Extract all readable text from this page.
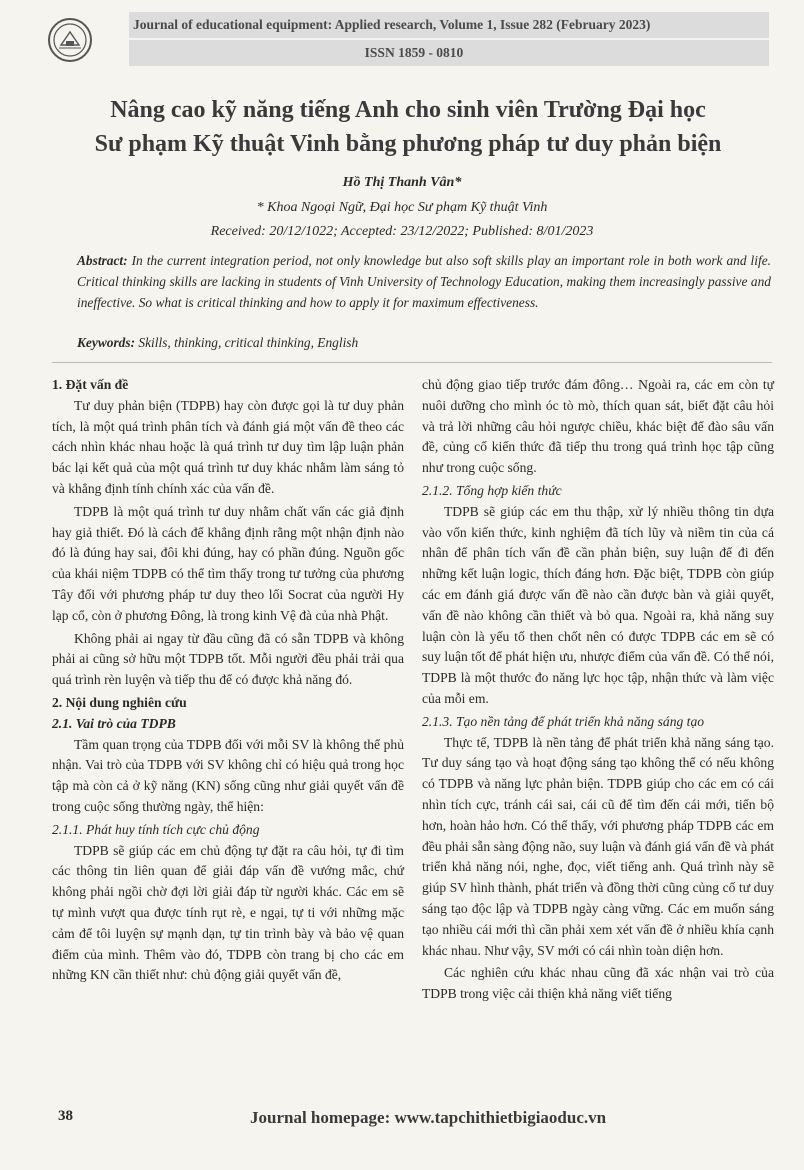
Journal of educational equipment: Applied research, Volume 1, Issue 282 (February 2023)
ISSN 1859 - 0810
Nâng cao kỹ năng tiếng Anh cho sinh viên Trường Đại học
Sư phạm Kỹ thuật Vinh bằng phương pháp tư duy phản biện
Hồ Thị Thanh Vân*
* Khoa Ngoại Ngữ, Đại học Sư phạm Kỹ thuật Vinh
Received: 20/12/1022; Accepted: 23/12/2022; Published: 8/01/2023
Abstract: In the current integration period, not only knowledge but also soft skills play an important role in both work and life. Critical thinking skills are lacking in students of Vinh University of Technology Education, making them increasingly passive and ineffective. So what is critical thinking and how to apply it for maximum effectiveness.
Keywords: Skills, thinking, critical thinking, English
1. Đặt vấn đề

Tư duy phản biện (TDPB) hay còn được gọi là tư duy phản tích, là một quá trình phân tích và đánh giá một vấn đề theo các cách nhìn khác nhau hoặc là quá trình tư duy tìm lập luận phản bác lại kết quả của một quá trình tư duy khác nhằm làm sáng tỏ và khẳng định tính chính xác của vấn đề.

TDPB là một quá trình tư duy nhằm chất vấn các giả định hay giả thiết. Đó là cách để khẳng định rằng một nhận định nào đó là đúng hay sai, đôi khi đúng, hay có phần đúng. Nguồn gốc của khái niệm TDPB có thể tìm thấy trong tư tưởng của phương Tây đối với phương pháp tư duy theo lối Socrat của người Hy lạp cổ, còn ở phương Đông, là trong kinh Vệ đà của nhà Phật.

Không phải ai ngay từ đầu cũng đã có sẵn TDPB và không phải ai cũng sở hữu một TDPB tốt. Mỗi người đều phải trải qua quá trình rèn luyện và tiếp thu để có được khả năng đó.

2. Nội dung nghiên cứu
2.1. Vai trò của TDPB

Tầm quan trọng của TDPB đối với mỗi SV là không thể phủ nhận. Vai trò của TDPB với SV không chỉ có hiệu quả trong học tập mà còn cả ở kỹ năng (KN) sống cũng như giải quyết vấn đề trong cuộc sống thường ngày, thể hiện:

2.1.1. Phát huy tính tích cực chủ động

TDPB sẽ giúp các em chủ động tự đặt ra câu hỏi, tự đi tìm các thông tin liên quan để giải đáp vấn đề vướng mắc, chứ không phải ngồi chờ đợi lời giải đáp từ người khác. Các em sẽ tự mình vượt qua được tính rụt rè, e ngại, tự ti với những mặc cảm để tôi luyện sự mạnh dạn, tự tin trình bày và bảo vệ quan điểm của mình. Thêm vào đó, TDPB còn trang bị cho các em những KN cần thiết như: chủ động giải quyết vấn đề,

chủ động giao tiếp trước đám đông… Ngoài ra, các em còn tự nuôi dưỡng cho mình óc tò mò, thích quan sát, biết đặt câu hỏi và trả lời những câu hỏi ngược chiều, khác biệt để đào sâu vấn đề, củng cố kiến thức đã tiếp thu trong quá trình học tập cũng như trong cuộc sống.

2.1.2. Tổng hợp kiến thức

TDPB sẽ giúp các em thu thập, xử lý nhiều thông tin dựa vào vốn kiến thức, kinh nghiệm đã tích lũy và niềm tin của cá nhân để phân tích vấn đề cần phản biện, suy luận để đi đến những kết luận logic, thích đáng hơn. Đặc biệt, TDPB còn giúp các em đánh giá được vấn đề nào cần được bàn và giải quyết, vấn đề nào không cần thiết và bỏ qua. Ngoài ra, khả năng suy luận còn là yếu tố then chốt nên có được TDPB các em sẽ có suy luận tốt để phát hiện ưu, nhược điểm của vấn đề. Có thể nói, TDPB là một thước đo năng lực học tập, nhận thức và làm việc của mỗi em.

2.1.3. Tạo nền tảng để phát triển khả năng sáng tạo

Thực tế, TDPB là nền tảng để phát triển khả năng sáng tạo. Tư duy sáng tạo và hoạt động sáng tạo không thể có nếu không có TDPB và năng lực phản biện. TDPB giúp cho các em có cái nhìn tích cực, tránh cái sai, cái cũ để tìm đến cái mới, tiến bộ hơn, hoàn hảo hơn. Có thể thấy, với phương pháp TDPB các em đều phải sẵn sàng động não, suy luận và đánh giá vấn đề và phát triển khả năng nói, nghe, đọc, viết tiếng anh. Quá trình này sẽ giúp SV hình thành, phát triển và đồng thời cũng củng cố tư duy sáng tạo độc lập và TDPB ngày càng vững. Các em muốn sáng tạo nhiều cái mới thì cần phải xem xét vấn đề ở nhiều khía cạnh khác nhau. Như vậy, SV mới có cái nhìn toàn diện hơn.

Các nghiên cứu khác nhau cũng đã xác nhận vai trò của TDPB trong việc cải thiện khả năng viết tiếng

38	Journal homepage: www.tapchithietbigiaoduc.vn
